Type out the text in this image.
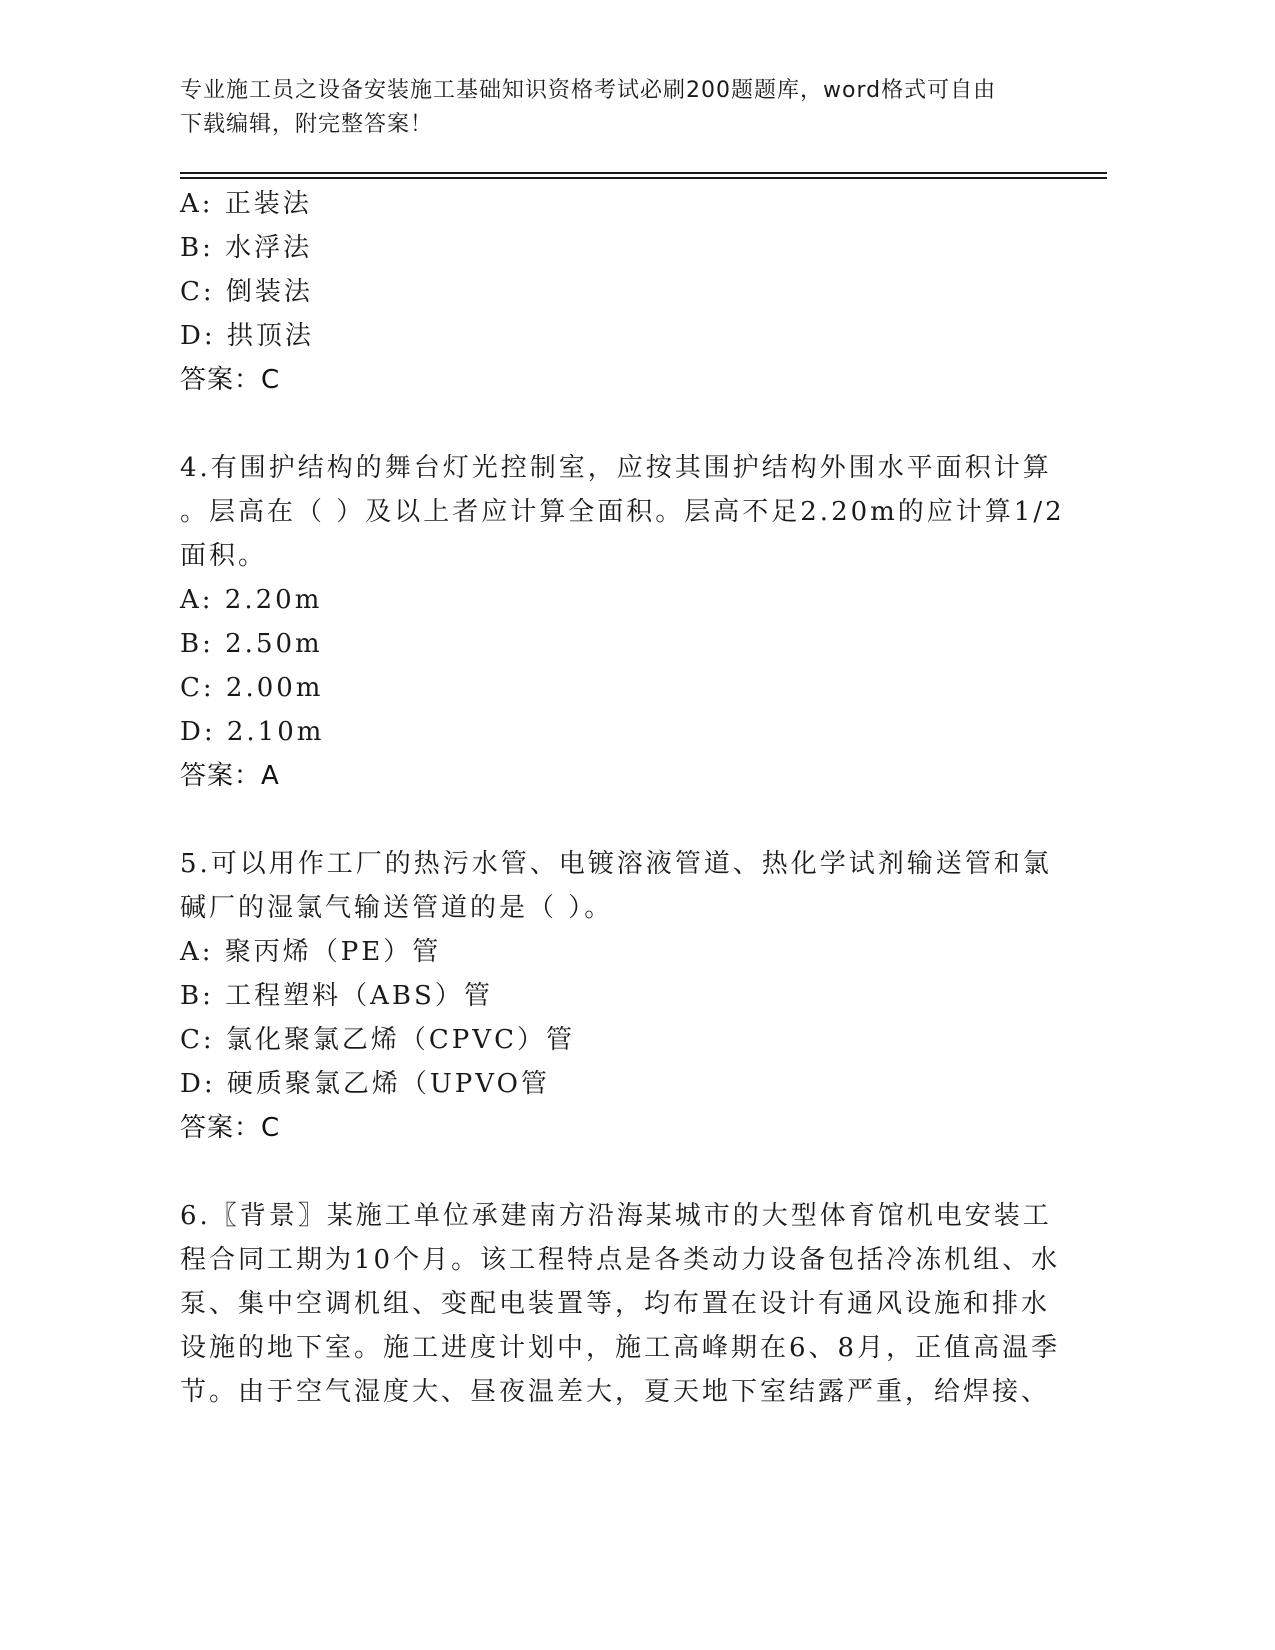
专业施工员之设备安装施工基础知识资格考试必刷200题题库，word格式可自由
下载编辑，附完整答案！
A: 正装法
B: 水浮法
C: 倒装法
D: 拱顶法
答案：C
4.有围护结构的舞台灯光控制室，应按其围护结构外围水平面积计算
。层高在（ ）及以上者应计算全面积。层高不足2.20m的应计算1/2
面积。
A: 2.20m
B: 2.50m
C: 2.00m
D: 2.10m
答案：A
5.可以用作工厂的热污水管、电镀溶液管道、热化学试剂输送管和氯
碱厂的湿氯气输送管道的是（ ）。
A: 聚丙烯（PE）管
B: 工程塑料（ABS）管
C: 氯化聚氯乙烯（CPVC）管
D: 硬质聚氯乙烯（UPVO管
答案：C
6.〖背景〗某施工单位承建南方沿海某城市的大型体育馆机电安装工
程合同工期为10个月。该工程特点是各类动力设备包括冷冻机组、水
泵、集中空调机组、变配电装置等，均布置在设计有通风设施和排水
设施的地下室。施工进度计划中，施工高峰期在6、8月，正值高温季
节。由于空气湿度大、昼夜温差大，夏天地下室结露严重，给焊接、
